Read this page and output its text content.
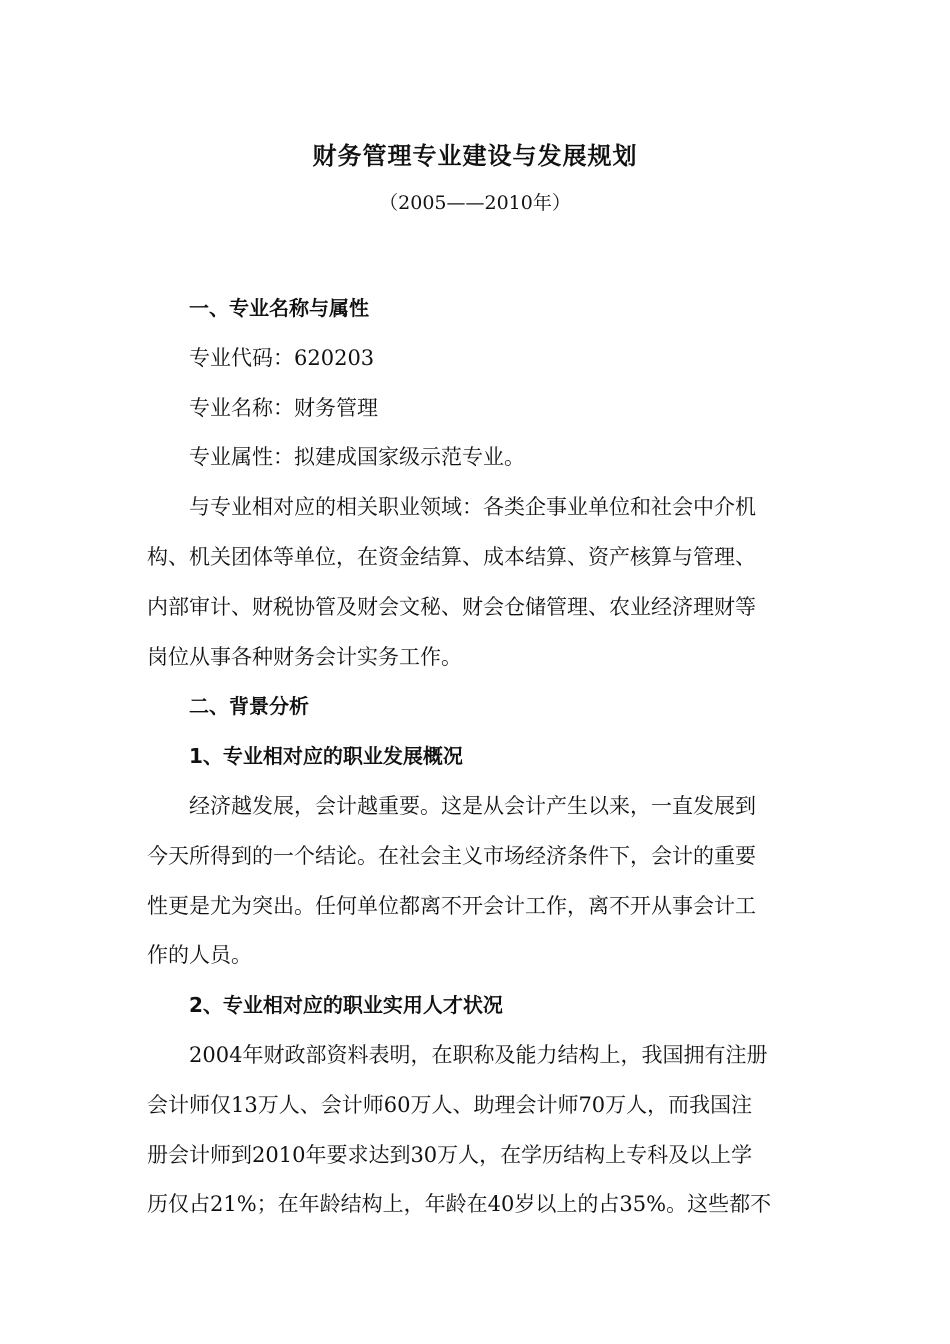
财务管理专业建设与发展规划
（2005——2010年）
一、专业名称与属性
专业代码：620203
专业名称：财务管理
专业属性：拟建成国家级示范专业。
与专业相对应的相关职业领域：各类企事业单位和社会中介机
构、机关团体等单位，在资金结算、成本结算、资产核算与管理、
内部审计、财税协管及财会文秘、财会仓储管理、农业经济理财等
岗位从事各种财务会计实务工作。
二、背景分析
1、专业相对应的职业发展概况
经济越发展，会计越重要。这是从会计产生以来，一直发展到
今天所得到的一个结论。在社会主义市场经济条件下，会计的重要
性更是尤为突出。任何单位都离不开会计工作，离不开从事会计工
作的人员。
2、专业相对应的职业实用人才状况
2004年财政部资料表明，在职称及能力结构上，我国拥有注册
会计师仅13万人、会计师60万人、助理会计师70万人，而我国注
册会计师到2010年要求达到30万人，在学历结构上专科及以上学
历仅占21%；在年龄结构上，年龄在40岁以上的占35%。这些都不
